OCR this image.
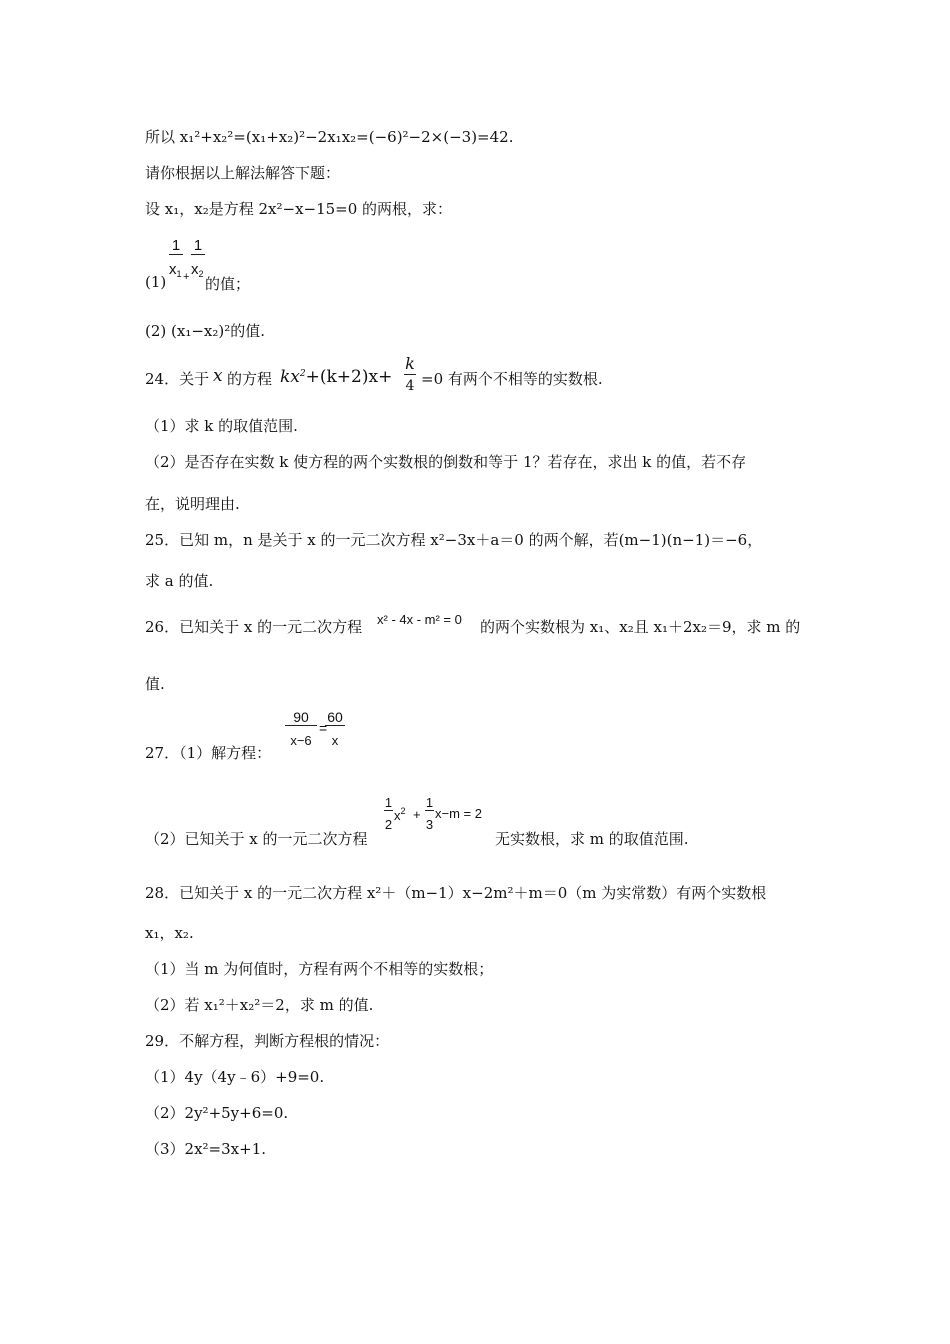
所以 x₁²+x₂²=(x₁+x₂)²−2x₁x₂=(−6)²−2×(−3)=42.
请你根据以上解法解答下题：
设 x₁，x₂是方程 2x²−x−15=0 的两根，求：
(1)
1
$x_1$ +
1
$x_2$
的值；
(2) (x₁−x₂)²的值.
24．关于 x 的方程 $kx^2+(k+2)x+$
k
4 =0 有两个不相等的实数根.
（1）求 k 的取值范围.
（2）是否存在实数 k 使方程的两个实数根的倒数和等于 1？若存在，求出 k 的值，若不存
在，说明理由.
25．已知 m，n 是关于 x 的一元二次方程 x²−3x＋a＝0 的两个解，若(m−1)(n−1)＝−6，
求 a 的值.
26．已知关于 x 的一元二次方程 x² - 4x - m² = 0 的两个实数根为 x₁、x₂且 x₁＋2x₂＝9，求 m 的
值.
27．（1）解方程：
90
x−6
=
60
x
（2）已知关于 x 的一元二次方程
1
2
$x^2$ +
1
3
x−m = 2
无实数根，求 m 的取值范围.
28．已知关于 x 的一元二次方程 x²＋（m−1）x−2m²＋m＝0（m 为实常数）有两个实数根
x₁，x₂.
（1）当 m 为何值时，方程有两个不相等的实数根；
（2）若 x₁²＋x₂²＝2，求 m 的值.
29．不解方程，判断方程根的情况：
（1）4y（4y﹣6）+9=0.
（2）2y²+5y+6=0.
（3）2x²=3x+1.
